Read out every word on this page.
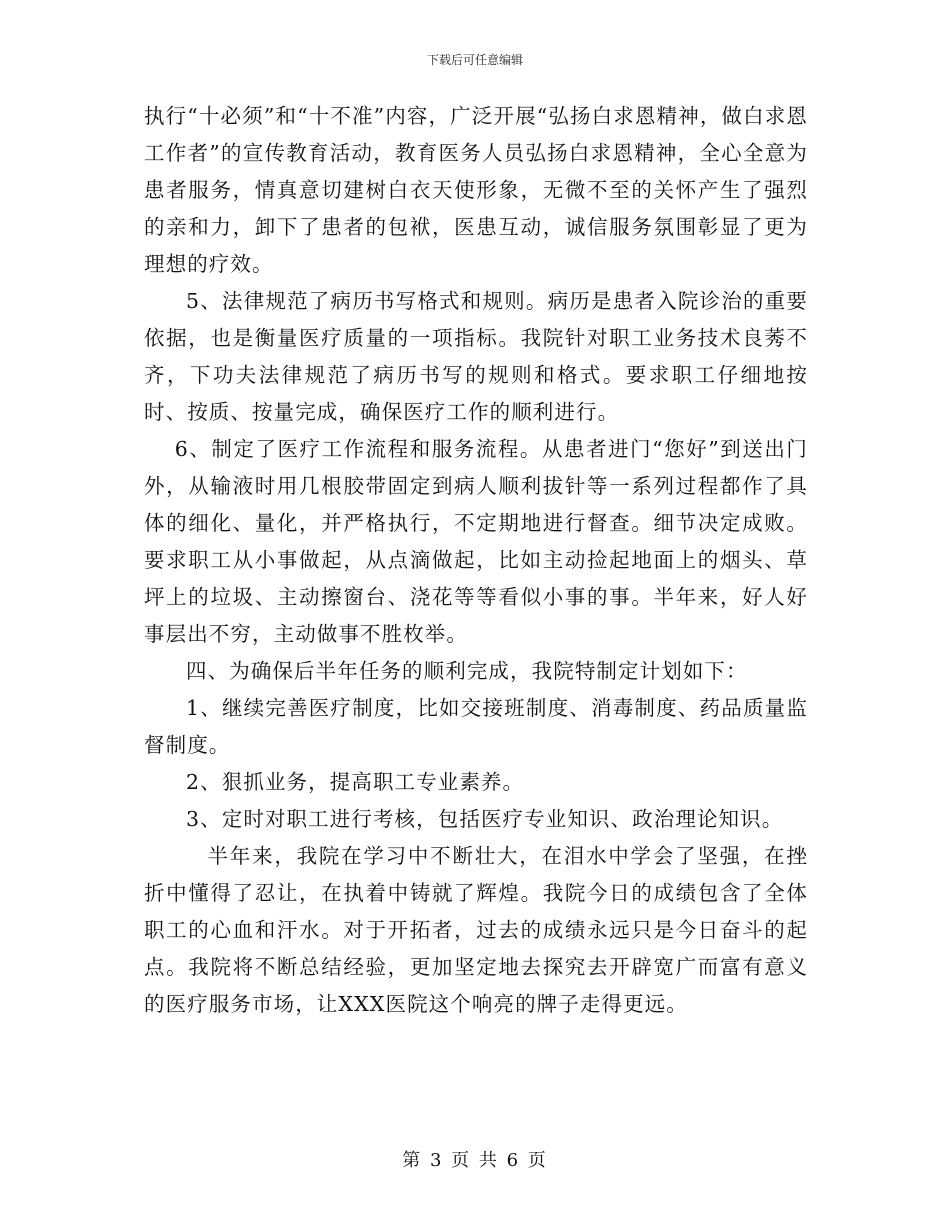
下载后可任意编辑

执行“十必须”和“十不准”内容，广泛开展“弘扬白求恩精神，做白求恩工作者”的宣传教育活动，教育医务人员弘扬白求恩精神，全心全意为患者服务，情真意切建树白衣天使形象，无微不至的关怀产生了强烈的亲和力，卸下了患者的包袱，医患互动，诚信服务氛围彰显了更为理想的疗效。

5、法律规范了病历书写格式和规则。病历是患者入院诊治的重要依据，也是衡量医疗质量的一项指标。我院针对职工业务技术良莠不齐，下功夫法律规范了病历书写的规则和格式。要求职工仔细地按时、按质、按量完成，确保医疗工作的顺利进行。

6、制定了医疗工作流程和服务流程。从患者进门“您好”到送出门外，从输液时用几根胶带固定到病人顺利拔针等一系列过程都作了具体的细化、量化，并严格执行，不定期地进行督查。细节决定成败。要求职工从小事做起，从点滴做起，比如主动捡起地面上的烟头、草坪上的垃圾、主动擦窗台、浇花等等看似小事的事。半年来，好人好事层出不穷，主动做事不胜枚举。

四、为确保后半年任务的顺利完成，我院特制定计划如下：

1、继续完善医疗制度，比如交接班制度、消毒制度、药品质量监督制度。

2、狠抓业务，提高职工专业素养。

3、定时对职工进行考核，包括医疗专业知识、政治理论知识。

半年来，我院在学习中不断壮大，在泪水中学会了坚强，在挫折中懂得了忍让，在执着中铸就了辉煌。我院今日的成绩包含了全体职工的心血和汗水。对于开拓者，过去的成绩永远只是今日奋斗的起点。我院将不断总结经验，更加坚定地去探究去开辟宽广而富有意义的医疗服务市场，让XXX医院这个响亮的牌子走得更远。

第 3 页 共 6 页
